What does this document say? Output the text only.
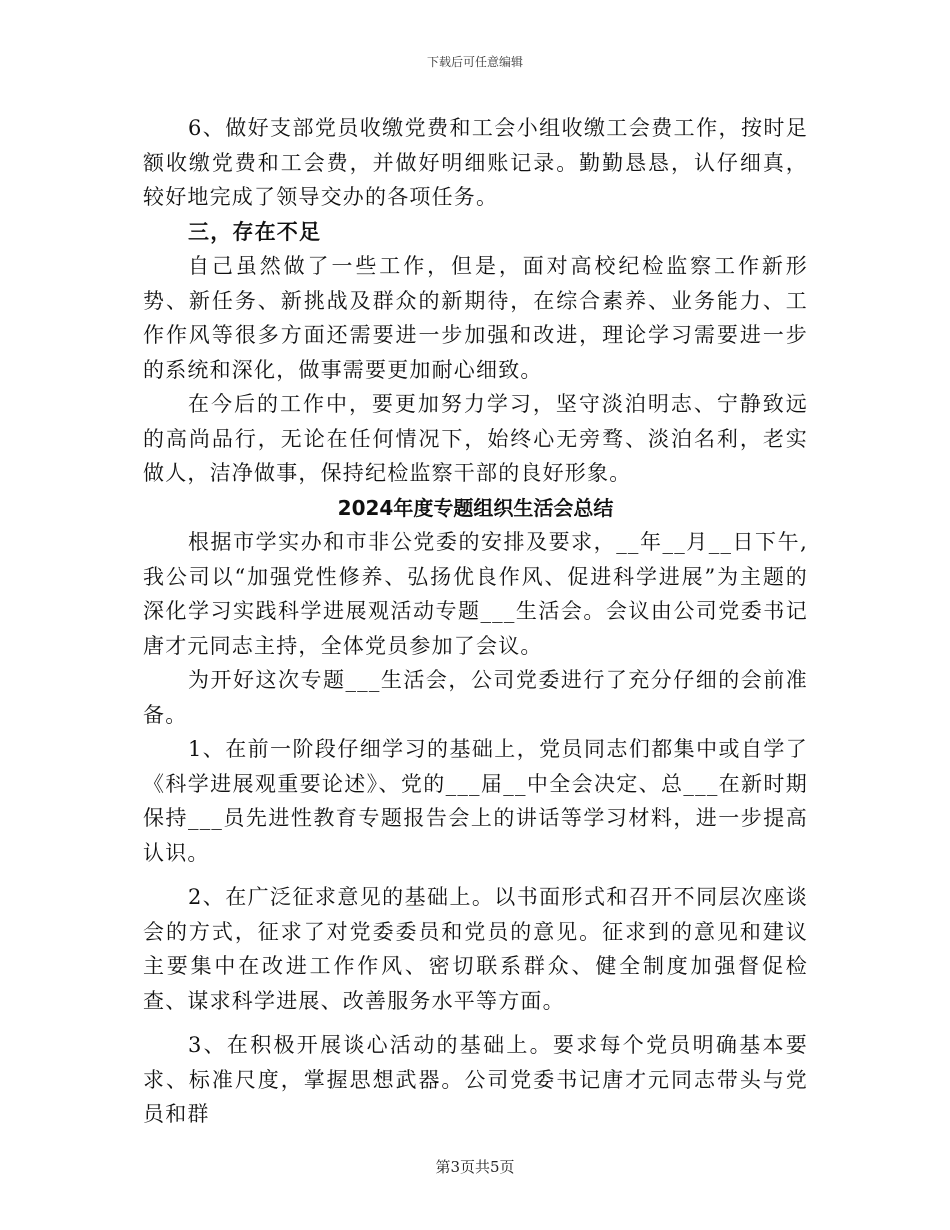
下载后可任意编辑

6、做好支部党员收缴党费和工会小组收缴工会费工作，按时足额收缴党费和工会费，并做好明细账记录。勤勤恳恳，认仔细真，较好地完成了领导交办的各项任务。

三，存在不足

自己虽然做了一些工作，但是，面对高校纪检监察工作新形势、新任务、新挑战及群众的新期待，在综合素养、业务能力、工作作风等很多方面还需要进一步加强和改进，理论学习需要进一步的系统和深化，做事需要更加耐心细致。

在今后的工作中，要更加努力学习，坚守淡泊明志、宁静致远的高尚品行，无论在任何情况下，始终心无旁骛、淡泊名利，老实做人，洁净做事，保持纪检监察干部的良好形象。

2024年度专题组织生活会总结

根据市学实办和市非公党委的安排及要求，__年__月__日下午,我公司以“加强党性修养、弘扬优良作风、促进科学进展”为主题的深化学习实践科学进展观活动专题___生活会。会议由公司党委书记唐才元同志主持，全体党员参加了会议。

为开好这次专题___生活会，公司党委进行了充分仔细的会前准备。

1、在前一阶段仔细学习的基础上，党员同志们都集中或自学了《科学进展观重要论述》、党的___届__中全会决定、总___在新时期保持___员先进性教育专题报告会上的讲话等学习材料，进一步提高认识。

2、在广泛征求意见的基础上。以书面形式和召开不同层次座谈会的方式，征求了对党委委员和党员的意见。征求到的意见和建议主要集中在改进工作作风、密切联系群众、健全制度加强督促检查、谋求科学进展、改善服务水平等方面。

3、在积极开展谈心活动的基础上。要求每个党员明确基本要求、标准尺度，掌握思想武器。公司党委书记唐才元同志带头与党员和群

第3页共5页
